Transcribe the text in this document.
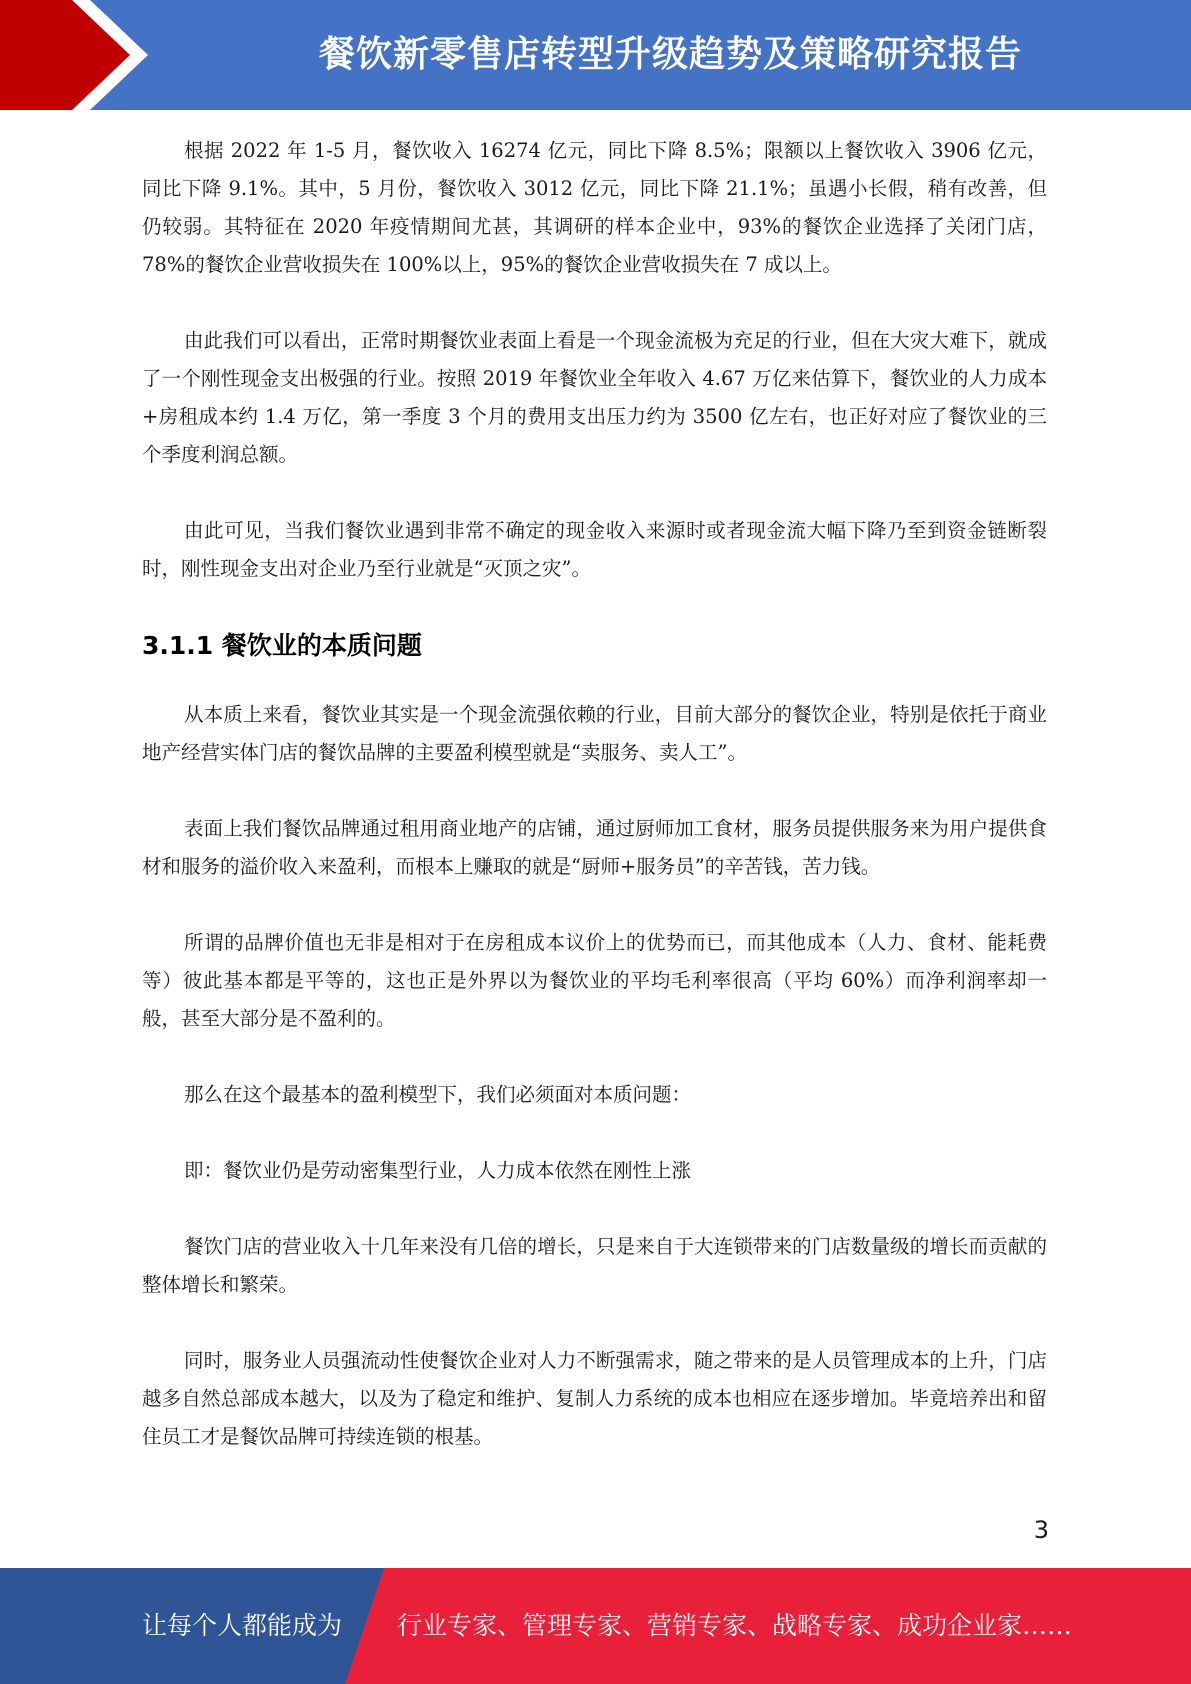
餐饮新零售店转型升级趋势及策略研究报告

根据 2022 年 1-5 月，餐饮收入 16274 亿元，同比下降 8.5%；限额以上餐饮收入 3906 亿元，同比下降 9.1%。其中，5 月份，餐饮收入 3012 亿元，同比下降 21.1%；虽遇小长假，稍有改善，但仍较弱。其特征在 2020 年疫情期间尤甚，其调研的样本企业中，93%的餐饮企业选择了关闭门店，78%的餐饮企业营收损失在 100%以上，95%的餐饮企业营收损失在 7 成以上。

由此我们可以看出，正常时期餐饮业表面上看是一个现金流极为充足的行业，但在大灾大难下，就成了一个刚性现金支出极强的行业。按照 2019 年餐饮业全年收入 4.67 万亿来估算下，餐饮业的人力成本+房租成本约 1.4 万亿，第一季度 3 个月的费用支出压力约为 3500 亿左右，也正好对应了餐饮业的三个季度利润总额。

由此可见，当我们餐饮业遇到非常不确定的现金收入来源时或者现金流大幅下降乃至到资金链断裂时，刚性现金支出对企业乃至行业就是“灭顶之灾”。

3.1.1 餐饮业的本质问题

从本质上来看，餐饮业其实是一个现金流强依赖的行业，目前大部分的餐饮企业，特别是依托于商业地产经营实体门店的餐饮品牌的主要盈利模型就是“卖服务、卖人工”。

表面上我们餐饮品牌通过租用商业地产的店铺，通过厨师加工食材，服务员提供服务来为用户提供食材和服务的溢价收入来盈利，而根本上赚取的就是“厨师+服务员”的辛苦钱，苦力钱。

所谓的品牌价值也无非是相对于在房租成本议价上的优势而已，而其他成本（人力、食材、能耗费等）彼此基本都是平等的，这也正是外界以为餐饮业的平均毛利率很高（平均 60%）而净利润率却一般，甚至大部分是不盈利的。

那么在这个最基本的盈利模型下，我们必须面对本质问题：

即：餐饮业仍是劳动密集型行业，人力成本依然在刚性上涨

餐饮门店的营业收入十几年来没有几倍的增长，只是来自于大连锁带来的门店数量级的增长而贡献的整体增长和繁荣。

同时，服务业人员强流动性使餐饮企业对人力不断强需求，随之带来的是人员管理成本的上升，门店越多自然总部成本越大，以及为了稳定和维护、复制人力系统的成本也相应在逐步增加。毕竟培养出和留住员工才是餐饮品牌可持续连锁的根基。

3
让每个人都能成为 行业专家、管理专家、营销专家、战略专家、成功企业家……
